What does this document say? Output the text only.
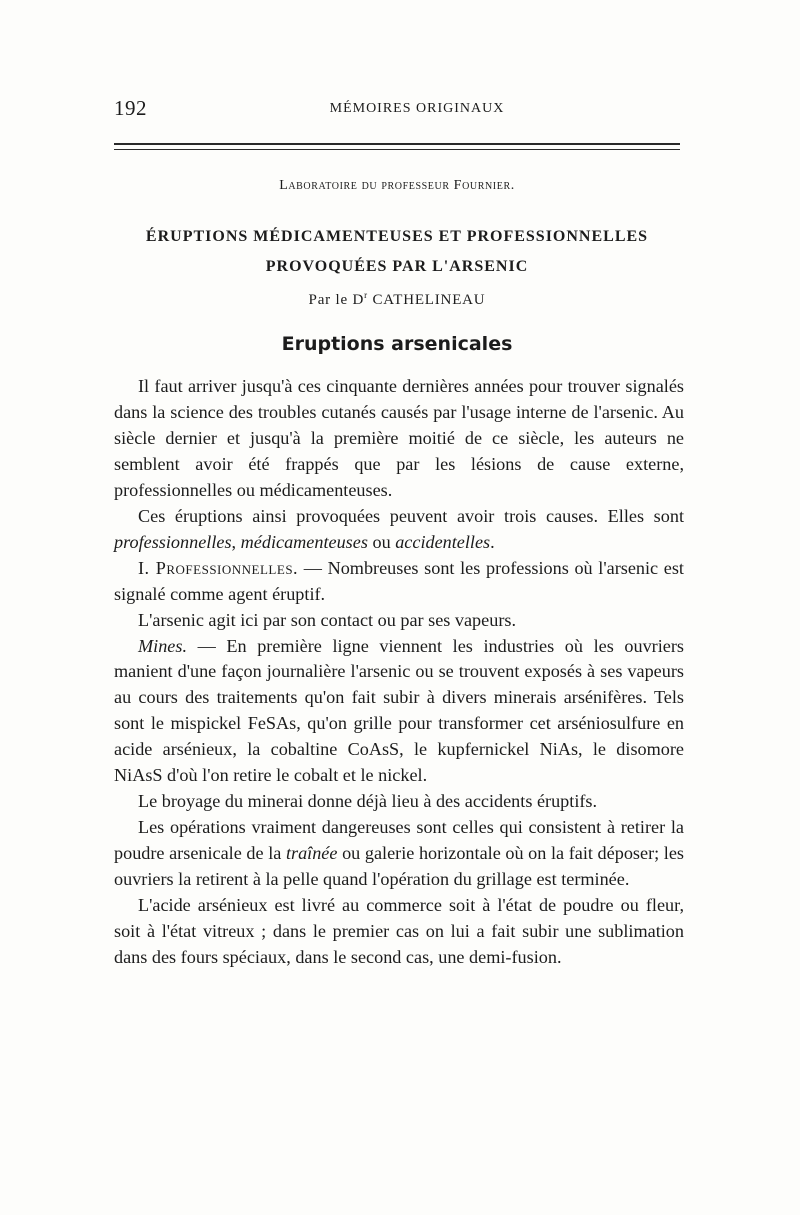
192	MÉMOIRES ORIGINAUX
Laboratoire du professeur Fournier.
ÉRUPTIONS MÉDICAMENTEUSES ET PROFESSIONNELLES
PROVOQUÉES PAR L'ARSENIC
Par le $D^r$ CATHELINEAU
Eruptions arsenicales

Il faut arriver jusqu'à ces cinquante dernières années pour trouver signalés dans la science des troubles cutanés causés par l'usage interne de l'arsenic. Au siècle dernier et jusqu'à la première moitié de ce siècle, les auteurs ne semblent avoir été frappés que par les lésions de cause externe, professionnelles ou médicamenteuses.

Ces éruptions ainsi provoquées peuvent avoir trois causes. Elles sont professionnelles, médicamenteuses ou accidentelles.

I. Professionnelles. — Nombreuses sont les professions où l'arsenic est signalé comme agent éruptif.

L'arsenic agit ici par son contact ou par ses vapeurs.

Mines. — En première ligne viennent les industries où les ouvriers manient d'une façon journalière l'arsenic ou se trouvent exposés à ses vapeurs au cours des traitements qu'on fait subir à divers minerais arsénifères. Tels sont le mispickel FeSAs, qu'on grille pour transformer cet arséniosulfure en acide arsénieux, la cobaltine CoAsS, le kupfernickel NiAs, le disomore NiAsS d'où l'on retire le cobalt et le nickel.

Le broyage du minerai donne déjà lieu à des accidents éruptifs.

Les opérations vraiment dangereuses sont celles qui consistent à retirer la poudre arsenicale de la traînée ou galerie horizontale où on la fait déposer; les ouvriers la retirent à la pelle quand l'opération du grillage est terminée.

L'acide arsénieux est livré au commerce soit à l'état de poudre ou fleur, soit à l'état vitreux ; dans le premier cas on lui a fait subir une sublimation dans des fours spéciaux, dans le second cas, une demi-fusion.
